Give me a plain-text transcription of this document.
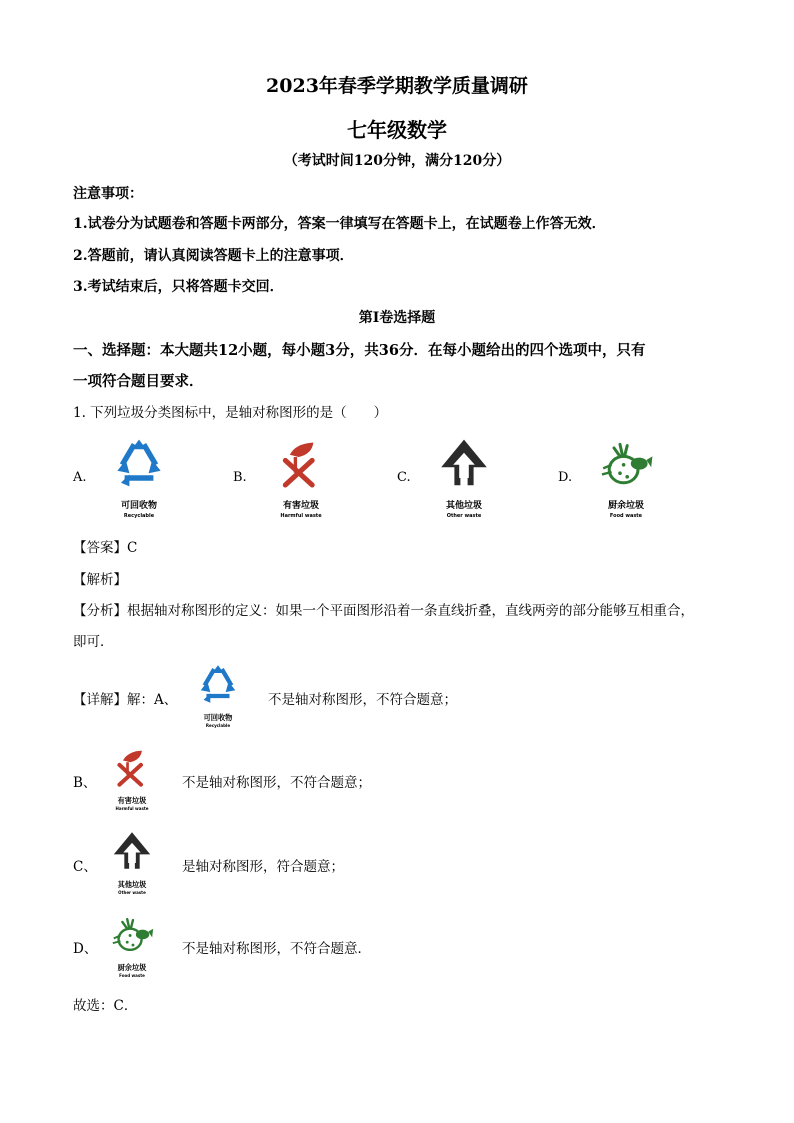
2023年春季学期教学质量调研
七年级数学
（考试时间120分钟，满分120分）
注意事项：
1.试卷分为试题卷和答题卡两部分，答案一律填写在答题卡上，在试题卷上作答无效．
2.答题前，请认真阅读答题卡上的注意事项．
3.考试结束后，只将答题卡交回．
第I卷选择题
一、选择题：本大题共12小题，每小题3分，共36分．在每小题给出的四个选项中，只有
一项符合题目要求．
1. 下列垃圾分类图标中，是轴对称图形的是（　　）
A.
可回收物
Recyclable
B.
有害垃圾
Harmful waste
C.
其他垃圾
Other waste
D.
厨余垃圾
Food waste
【答案】C
【解析】
【分析】根据轴对称图形的定义：如果一个平面图形沿着一条直线折叠，直线两旁的部分能够互相重合，
即可．
【详解】解：A、
可回收物
Recyclable
不是轴对称图形，不符合题意；
B、
有害垃圾
Harmful waste
不是轴对称图形，不符合题意；
C、
其他垃圾
Other waste
是轴对称图形，符合题意；
D、
厨余垃圾
Food waste
不是轴对称图形，不符合题意．
故选：C．
